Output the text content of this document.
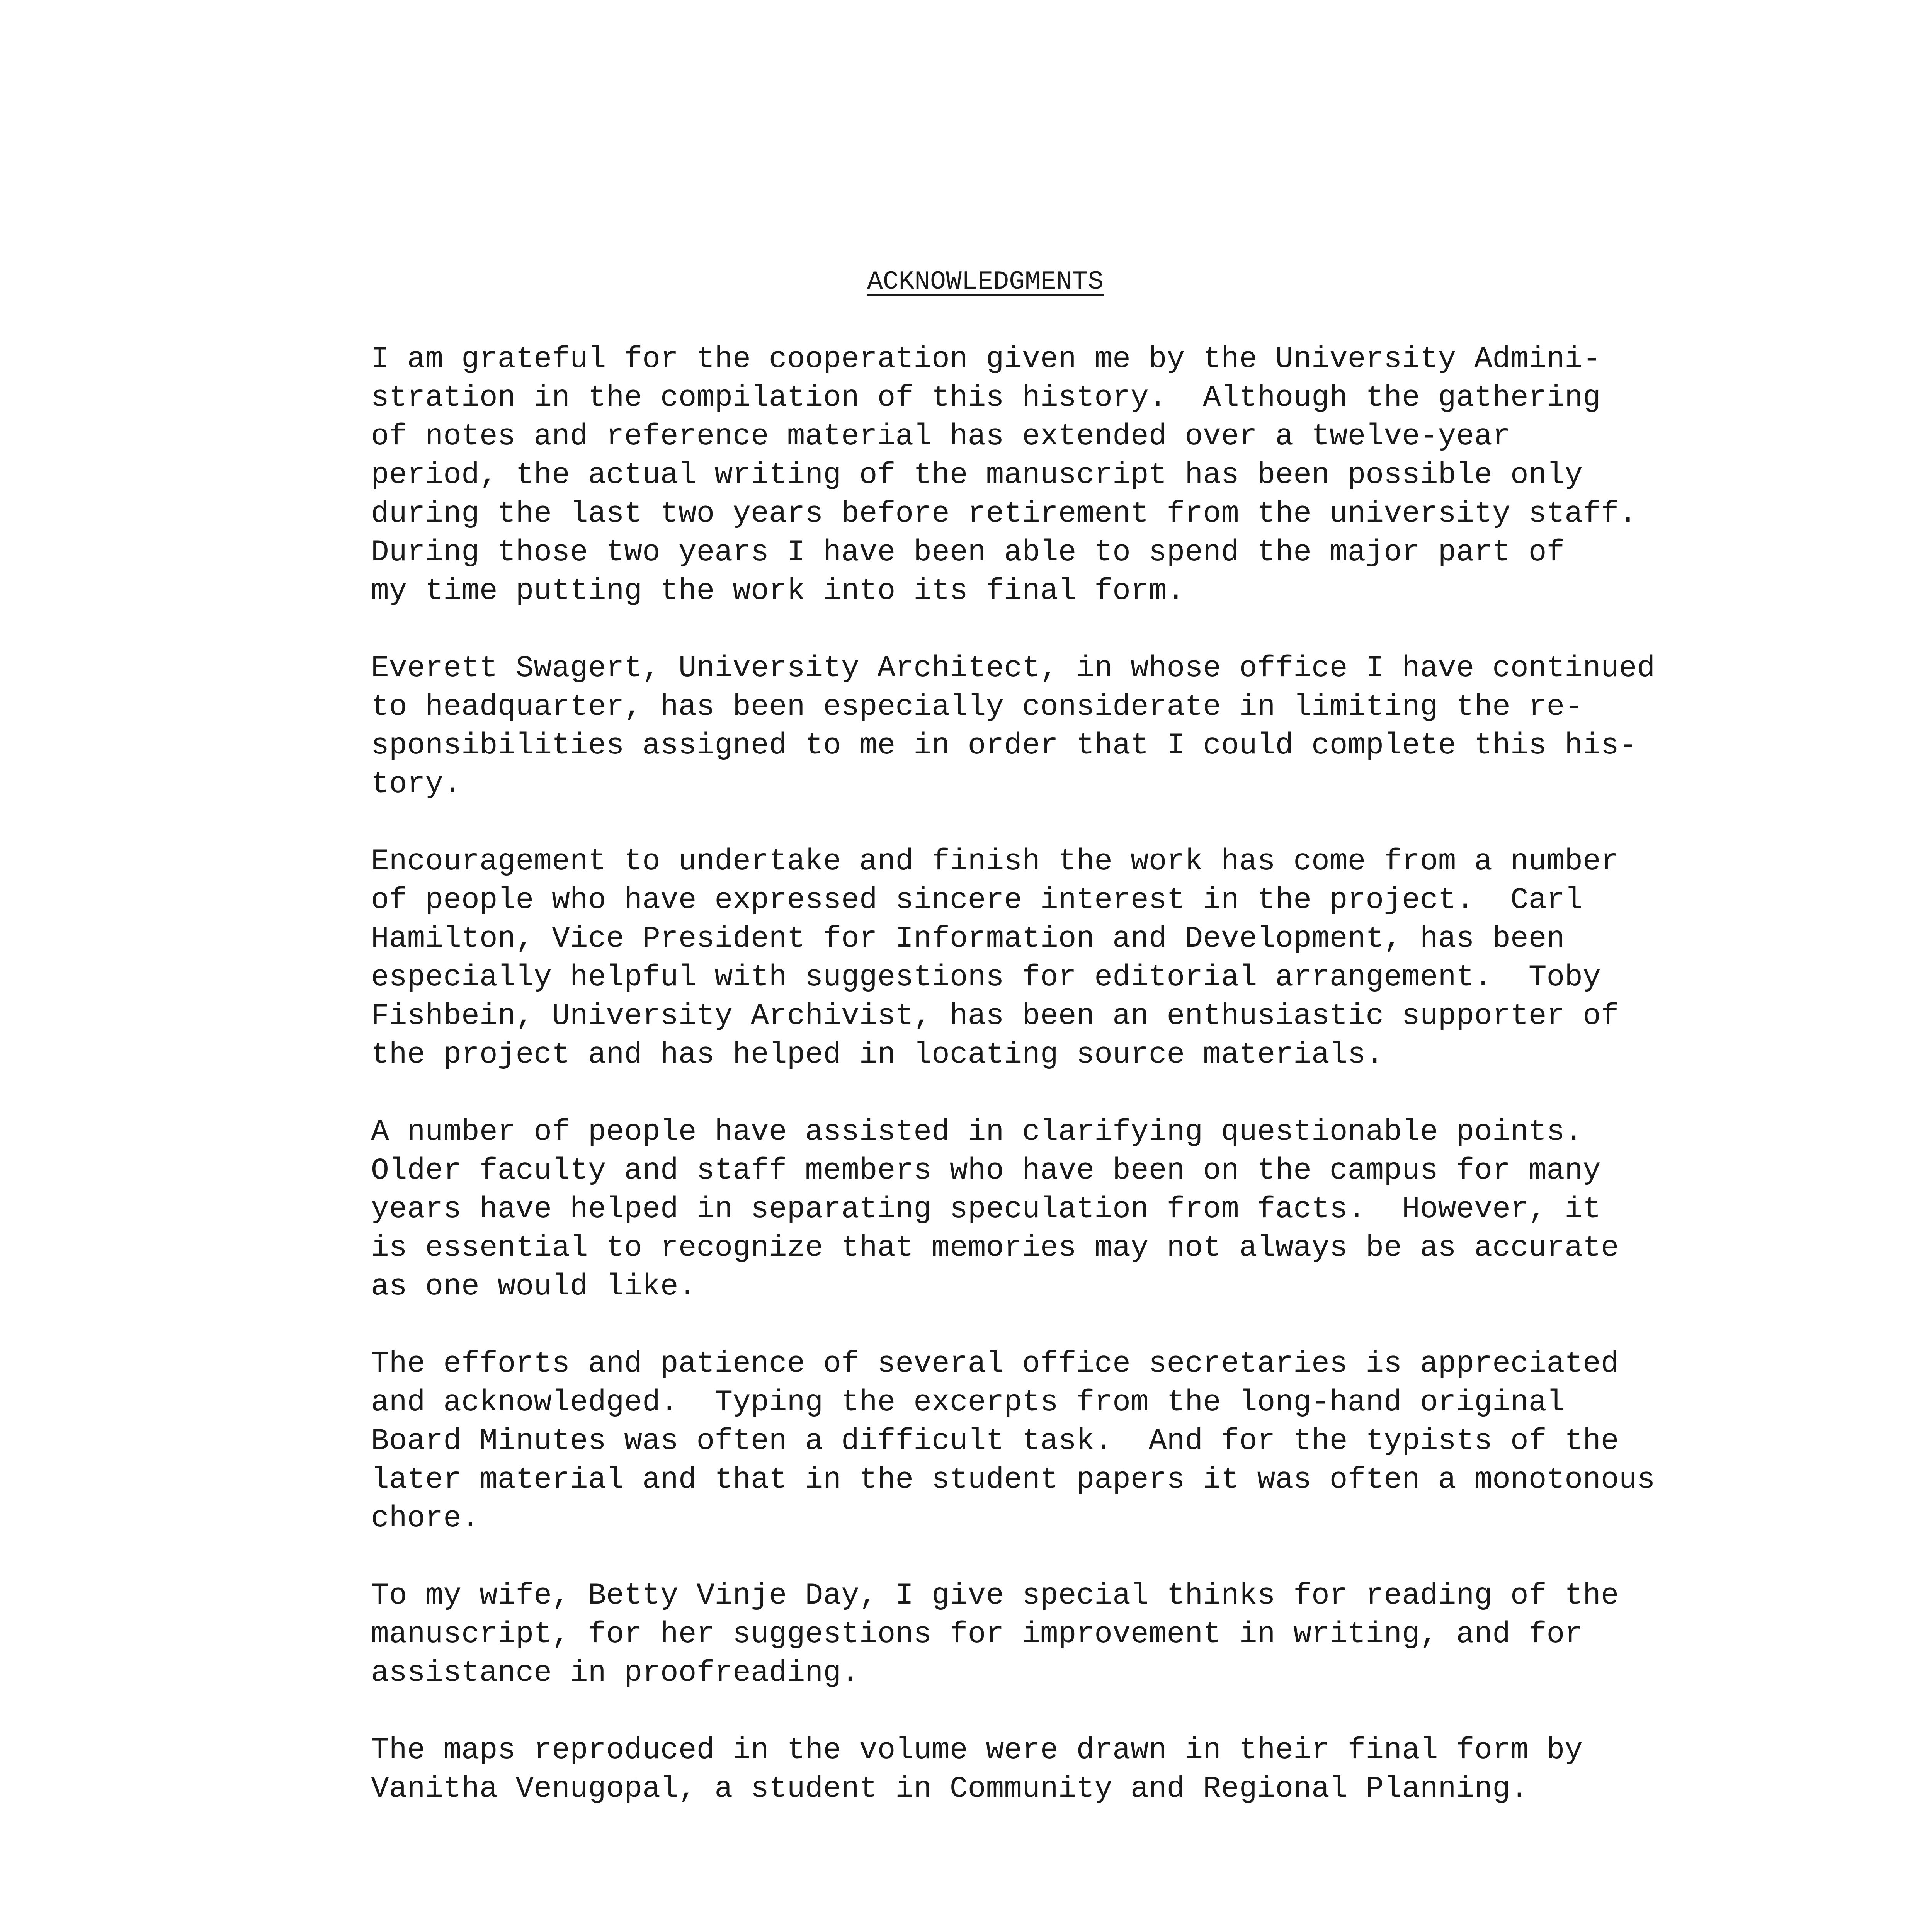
ACKNOWLEDGMENTS
I am grateful for the cooperation given me by the University Admini-
stration in the compilation of this history.  Although the gathering
of notes and reference material has extended over a twelve-year
period, the actual writing of the manuscript has been possible only
during the last two years before retirement from the university staff.
During those two years I have been able to spend the major part of
my time putting the work into its final form.
Everett Swagert, University Architect, in whose office I have continued
to headquarter, has been especially considerate in limiting the re-
sponsibilities assigned to me in order that I could complete this his-
tory.
Encouragement to undertake and finish the work has come from a number
of people who have expressed sincere interest in the project.  Carl
Hamilton, Vice President for Information and Development, has been
especially helpful with suggestions for editorial arrangement.  Toby
Fishbein, University Archivist, has been an enthusiastic supporter of
the project and has helped in locating source materials.
A number of people have assisted in clarifying questionable points.
Older faculty and staff members who have been on the campus for many
years have helped in separating speculation from facts.  However, it
is essential to recognize that memories may not always be as accurate
as one would like.
The efforts and patience of several office secretaries is appreciated
and acknowledged.  Typing the excerpts from the long-hand original
Board Minutes was often a difficult task.  And for the typists of the
later material and that in the student papers it was often a monotonous
chore.
To my wife, Betty Vinje Day, I give special thinks for reading of the
manuscript, for her suggestions for improvement in writing, and for
assistance in proofreading.
The maps reproduced in the volume were drawn in their final form by
Vanitha Venugopal, a student in Community and Regional Planning.
